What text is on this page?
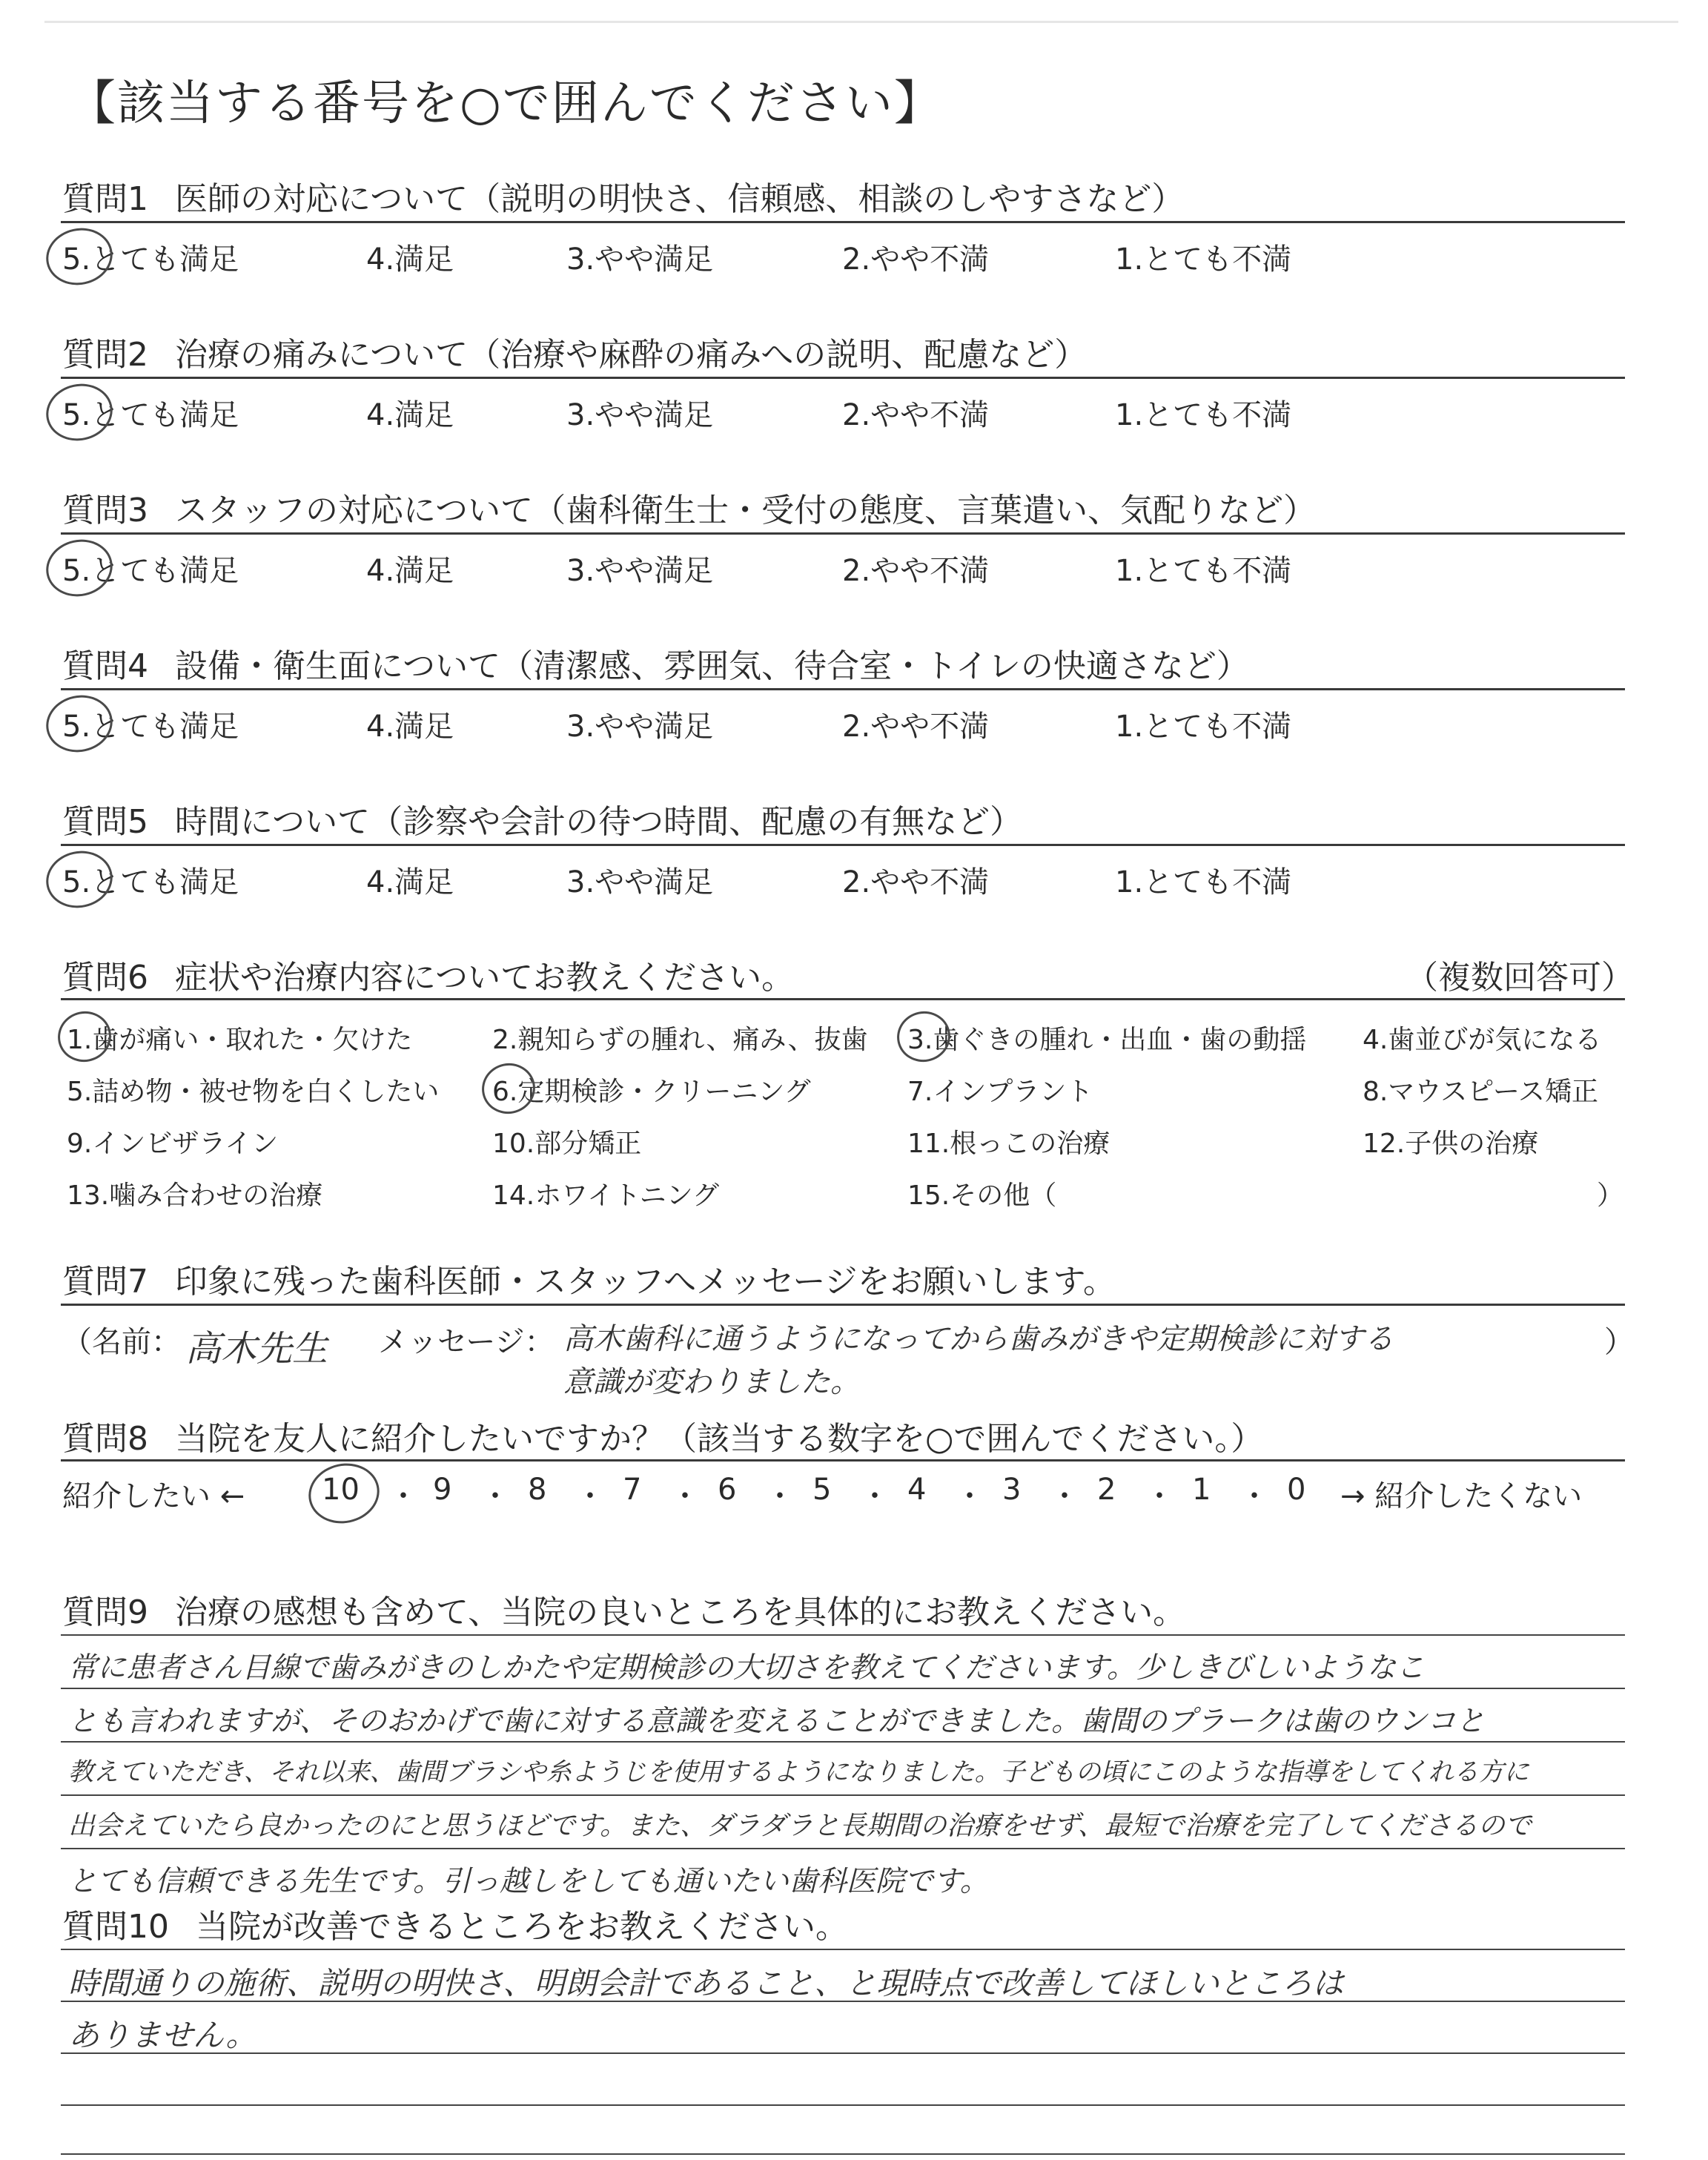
【該当する番号を○で囲んでください】
質問1 医師の対応について（説明の明快さ、信頼感、相談のしやすさなど）
5.とても満足	4.満足	3.やや満足	2.やや不満	1.とても不満
質問2 治療の痛みについて（治療や麻酔の痛みへの説明、配慮など）
5.とても満足	4.満足	3.やや満足	2.やや不満	1.とても不満
質問3 スタッフの対応について（歯科衛生士・受付の態度、言葉遣い、気配りなど）
5.とても満足	4.満足	3.やや満足	2.やや不満	1.とても不満
質問4 設備・衛生面について（清潔感、雰囲気、待合室・トイレの快適さなど）
5.とても満足	4.満足	3.やや満足	2.やや不満	1.とても不満
質問5 時間について（診察や会計の待つ時間、配慮の有無など）
5.とても満足	4.満足	3.やや満足	2.やや不満	1.とても不満
質問6 症状や治療内容についてお教えください。	（複数回答可）
1.歯が痛い・取れた・欠けた	2.親知らずの腫れ、痛み、抜歯 3.歯ぐきの腫れ・出血・歯の動揺 4.歯並びが気になる
5.詰め物・被せ物を白くしたい 6.定期検診・クリーニング	7.インプラント	8.マウスピース矯正
9.インビザライン	10.部分矯正	11.根っこの治療	12.子供の治療
13.噛み合わせの治療	14.ホワイトニング	15.その他（	）
質問7 印象に残った歯科医師・スタッフへメッセージをお願いします。
（名前： 高木先生 メッセージ： 高木歯科に通うようになってから歯みがきや定期検診に対する
意識が変わりました。
）
質問8 当院を友人に紹介したいですか？（該当する数字を○で囲んでください。）
紹介したい ←	10 ・ 9 ・ 8 ・ 7 ・ 6 ・ 5 ・ 4 ・ 3 ・ 2 ・ 1 ・ 0 → 紹介したくない
質問9 治療の感想も含めて、当院の良いところを具体的にお教えください。
常に患者さん目線で歯みがきのしかたや定期検診の大切さを教えてくださいます。少しきびしいようなこ
とも言われますが、そのおかげで歯に対する意識を変えることができました。歯間のプラークは歯のウンコと
教えていただき、それ以来、歯間ブラシや糸ようじを使用するようになりました。子どもの頃にこのような指導をしてくれる方に
出会えていたら良かったのにと思うほどです。また、ダラダラと長期間の治療をせず、最短で治療を完了してくださるので
とても信頼できる先生です。引っ越しをしても通いたい歯科医院です。
質問10 当院が改善できるところをお教えください。
時間通りの施術、説明の明快さ、明朗会計であること、と現時点で改善してほしいところは
ありません。
